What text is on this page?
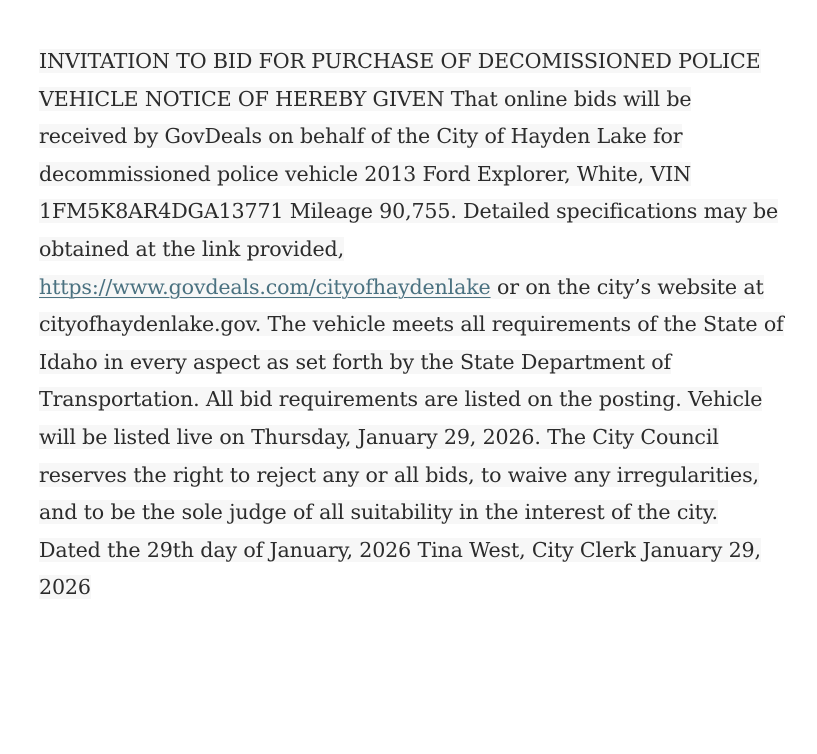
INVITATION TO BID FOR PURCHASE OF DECOMISSIONED POLICE VEHICLE NOTICE OF HEREBY GIVEN That online bids will be received by GovDeals on behalf of the City of Hayden Lake for decommissioned police vehicle 2013 Ford Explorer, White, VIN 1FM5K8AR4DGA13771 Mileage 90,755. Detailed specifications may be obtained at the link provided, https://www.govdeals.com/cityofhaydenlake or on the city’s website at cityofhaydenlake.gov. The vehicle meets all requirements of the State of Idaho in every aspect as set forth by the State Department of Transportation. All bid requirements are listed on the posting. Vehicle will be listed live on Thursday, January 29, 2026. The City Council reserves the right to reject any or all bids, to waive any irregularities, and to be the sole judge of all suitability in the interest of the city. Dated the 29th day of January, 2026 Tina West, City Clerk January 29, 2026
